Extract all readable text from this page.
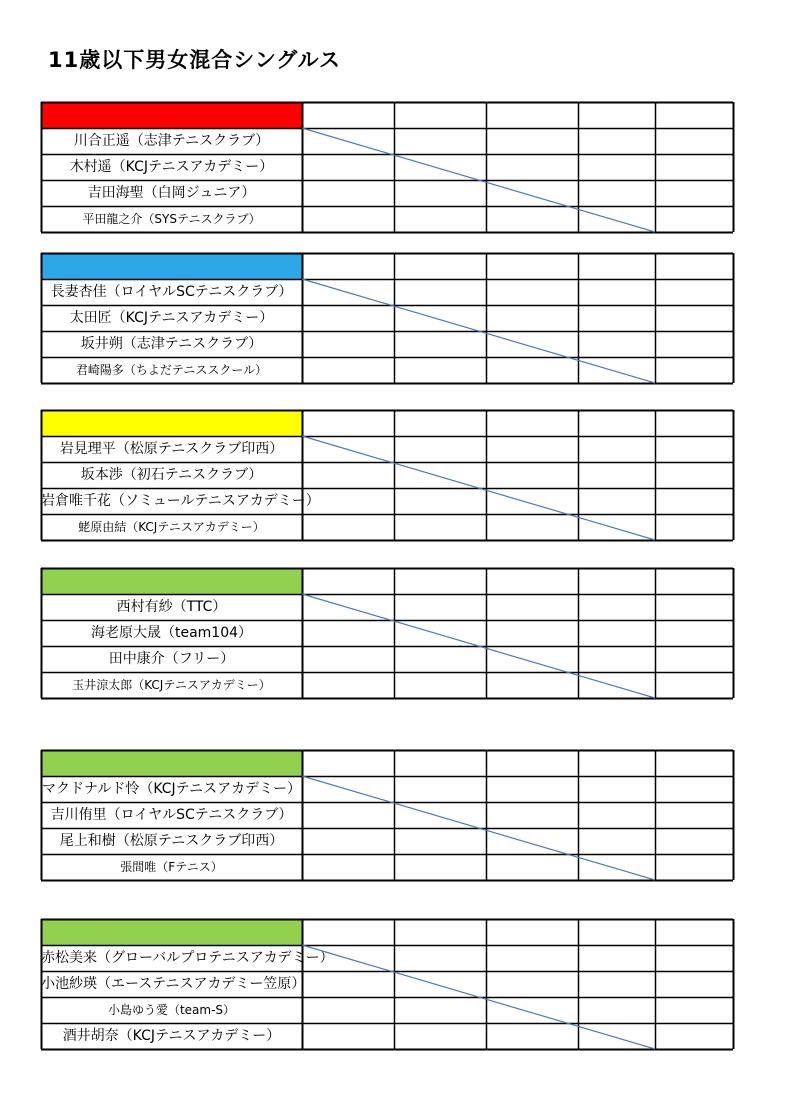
11歳以下男女混合シングルス
川合正遥（志津テニスクラブ）
木村遥（KCJテニスアカデミー）
吉田海聖（白岡ジュニア）
平田龍之介（SYSテニスクラブ）
長妻杏佳（ロイヤルSCテニスクラブ）
太田匠（KCJテニスアカデミー）
坂井朔（志津テニスクラブ）
君崎陽多（ちよだテニススクール）
岩見理平（松原テニスクラブ印西）
坂本渉（初石テニスクラブ）
岩倉唯千花（ソミュールテニスアカデミー）
蛯原由結（KCJテニスアカデミー）
西村有紗（TTC）
海老原大晟（team104）
田中康介（フリー）
玉井涼太郎（KCJテニスアカデミー）
マクドナルド怜（KCJテニスアカデミー）
吉川侑里（ロイヤルSCテニスクラブ）
尾上和樹（松原テニスクラブ印西）
張間唯（Fテニス）
赤松美来（グローバルプロテニスアカデミー）
小池紗瑛（エーステニスアカデミー笠原）
小島ゆう愛（team-S）
酒井胡奈（KCJテニスアカデミー）
